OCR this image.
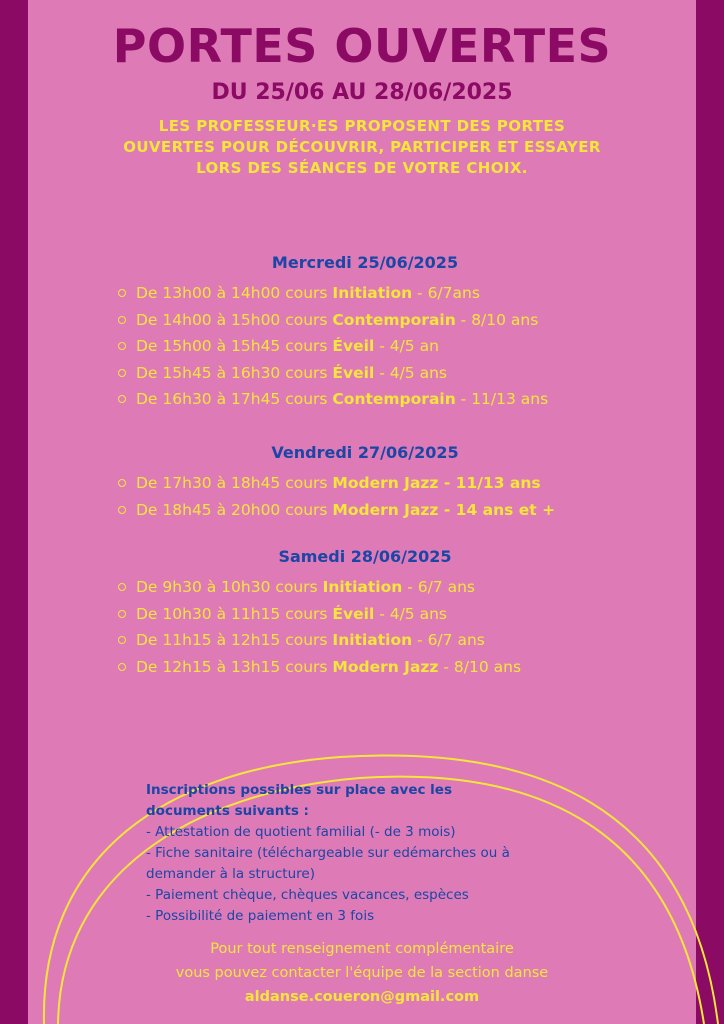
PORTES OUVERTES
DU 25/06 AU 28/06/2025
LES PROFESSEUR·ES PROPOSENT DES PORTES
OUVERTES POUR DÉCOUVRIR, PARTICIPER ET ESSAYER
LORS DES SÉANCES DE VOTRE CHOIX.
Mercredi 25/06/2025
De 13h00 à 14h00 cours Initiation - 6/7ans
De 14h00 à 15h00 cours Contemporain - 8/10 ans
De 15h00 à 15h45 cours Éveil - 4/5 an
De 15h45 à 16h30 cours Éveil - 4/5 ans
De 16h30 à 17h45 cours Contemporain - 11/13 ans
Vendredi 27/06/2025
De 17h30 à 18h45 cours Modern Jazz - 11/13 ans
De 18h45 à 20h00 cours Modern Jazz - 14 ans et +
Samedi 28/06/2025
De 9h30 à 10h30 cours Initiation - 6/7 ans
De 10h30 à 11h15 cours Éveil - 4/5 ans
De 11h15 à 12h15 cours Initiation - 6/7 ans
De 12h15 à 13h15 cours Modern Jazz - 8/10 ans
Inscriptions possibles sur place avec les
documents suivants :
- Attestation de quotient familial (- de 3 mois)
- Fiche sanitaire (téléchargeable sur edémarches ou à
demander à la structure)
- Paiement chèque, chèques vacances, espèces
- Possibilité de paiement en 3 fois
Pour tout renseignement complémentaire
vous pouvez contacter l'équipe de la section danse
aldanse.coueron@gmail.com
